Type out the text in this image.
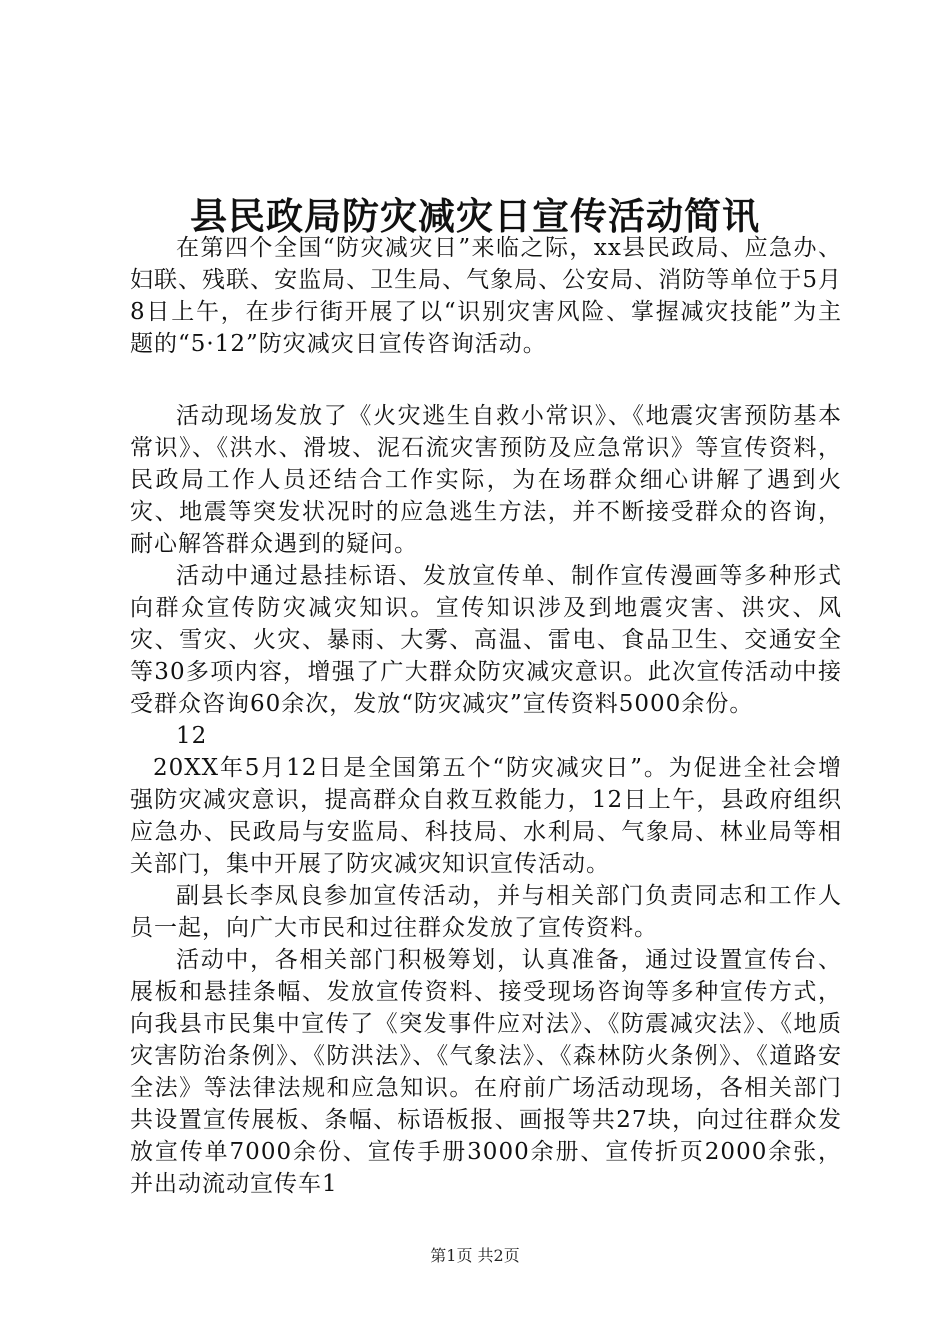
县民政局防灾减灾日宣传活动简讯

在第四个全国“防灾减灾日”来临之际，xx县民政局、应急办、妇联、残联、安监局、卫生局、气象局、公安局、消防等单位于5月8日上午，在步行街开展了以“识别灾害风险、掌握减灾技能”为主题的“5·12”防灾减灾日宣传咨询活动。

活动现场发放了《火灾逃生自救小常识》、《地震灾害预防基本常识》、《洪水、滑坡、泥石流灾害预防及应急常识》等宣传资料，民政局工作人员还结合工作实际，为在场群众细心讲解了遇到火灾、地震等突发状况时的应急逃生方法，并不断接受群众的咨询，耐心解答群众遇到的疑问。

活动中通过悬挂标语、发放宣传单、制作宣传漫画等多种形式向群众宣传防灾减灾知识。宣传知识涉及到地震灾害、洪灾、风灾、雪灾、火灾、暴雨、大雾、高温、雷电、食品卫生、交通安全等30多项内容，增强了广大群众防灾减灾意识。此次宣传活动中接受群众咨询60余次，发放“防灾减灾”宣传资料5000余份。

12

20XX年5月12日是全国第五个“防灾减灾日”。为促进全社会增强防灾减灾意识，提高群众自救互救能力，12日上午，县政府组织应急办、民政局与安监局、科技局、水利局、气象局、林业局等相关部门，集中开展了防灾减灾知识宣传活动。

副县长李凤良参加宣传活动，并与相关部门负责同志和工作人员一起，向广大市民和过往群众发放了宣传资料。

活动中，各相关部门积极筹划，认真准备，通过设置宣传台、展板和悬挂条幅、发放宣传资料、接受现场咨询等多种宣传方式，向我县市民集中宣传了《突发事件应对法》、《防震减灾法》、《地质灾害防治条例》、《防洪法》、《气象法》、《森林防火条例》、《道路安全法》等法律法规和应急知识。在府前广场活动现场，各相关部门共设置宣传展板、条幅、标语板报、画报等共27块，向过往群众发放宣传单7000余份、宣传手册3000余册、宣传折页2000余张，并出动流动宣传车1

第1页 共2页
